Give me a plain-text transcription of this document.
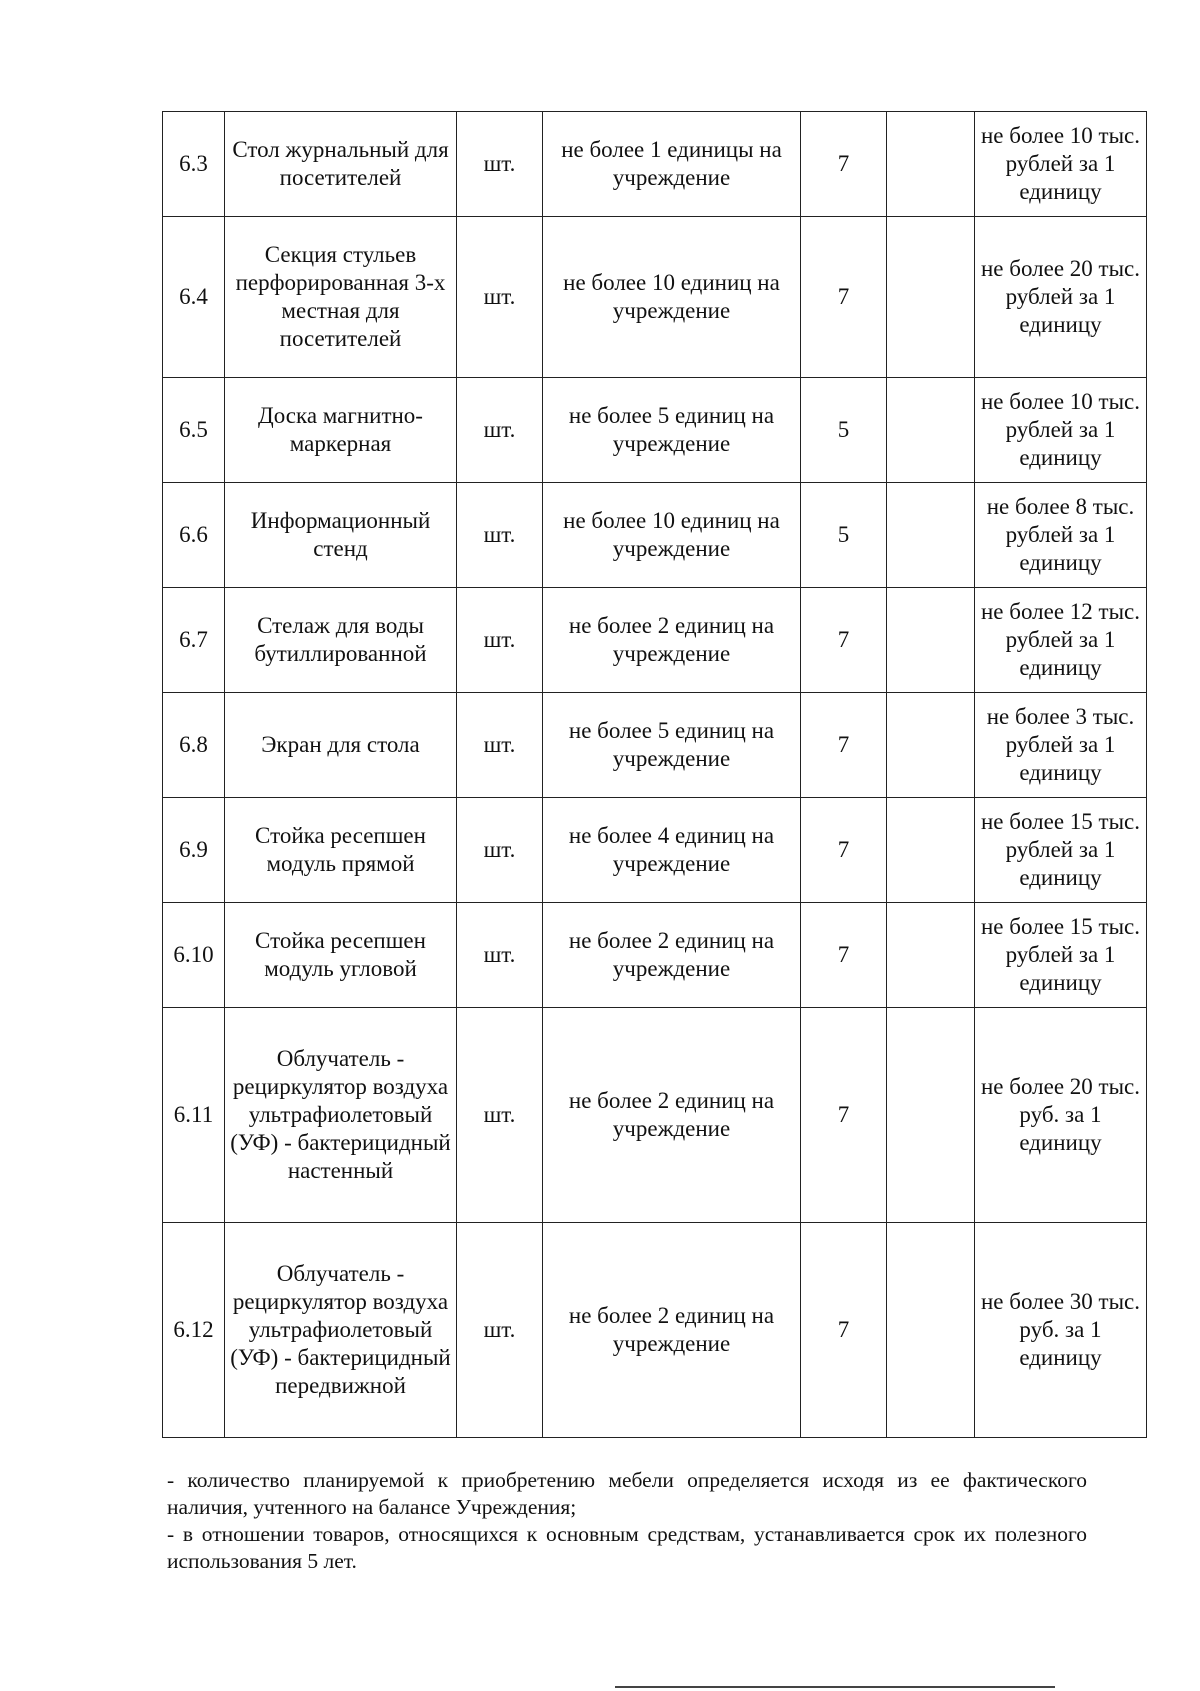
6.3	Стол журнальный для посетителей	шт.	не более 1 единицы на учреждение	7		не более 10 тыс. рублей за 1 единицу
6.4	Секция стульев перфорированная 3-х местная для посетителей	шт.	не более 10 единиц на учреждение	7		не более 20 тыс. рублей за 1 единицу
6.5	Доска магнитно-маркерная	шт.	не более 5 единиц на учреждение	5		не более 10 тыс. рублей за 1 единицу
6.6	Информационный стенд	шт.	не более 10 единиц на учреждение	5		не более 8 тыс. рублей за 1 единицу
6.7	Стелаж для воды бутиллированной	шт.	не более 2 единиц на учреждение	7		не более 12 тыс. рублей за 1 единицу
6.8	Экран для стола	шт.	не более 5 единиц на учреждение	7		не более 3 тыс. рублей за 1 единицу
6.9	Стойка ресепшен модуль прямой	шт.	не более 4 единиц на учреждение	7		не более 15 тыс. рублей за 1 единицу
6.10	Стойка ресепшен модуль угловой	шт.	не более 2 единиц на учреждение	7		не более 15 тыс. рублей за 1 единицу
6.11	Облучатель - рециркулятор воздуха ультрафиолетовый (УФ) - бактерицидный настенный	шт.	не более 2 единиц на учреждение	7		не более 20 тыс. руб. за 1 единицу
6.12	Облучатель - рециркулятор воздуха ультрафиолетовый (УФ) - бактерицидный передвижной	шт.	не более 2 единиц на учреждение	7		не более 30 тыс. руб. за 1 единицу

- количество планируемой к приобретению мебели определяется исходя из ее фактического наличия, учтенного на балансе Учреждения;

- в отношении товаров, относящихся к основным средствам, устанавливается срок их полезного использования 5 лет.
